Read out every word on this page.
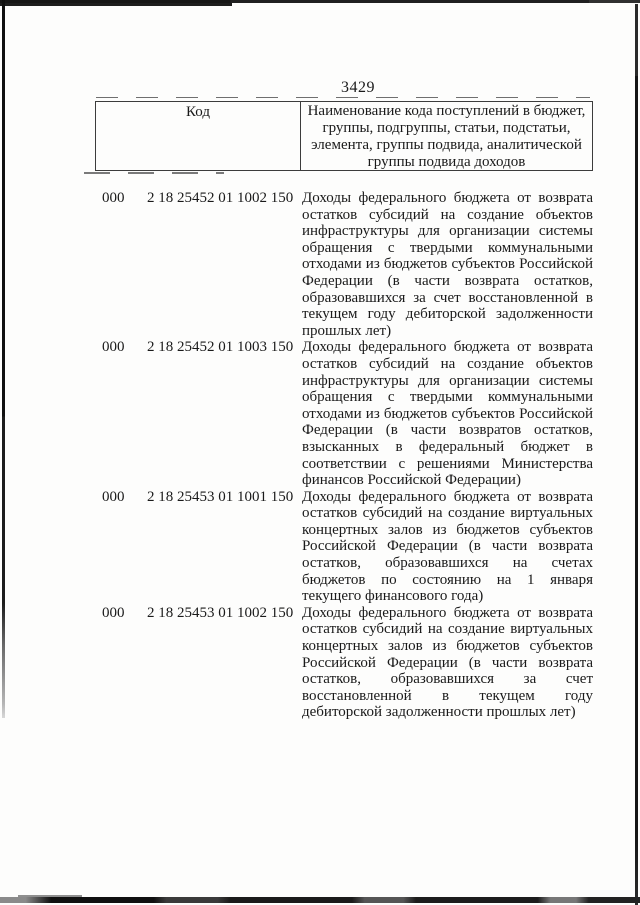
3429
Код	Наименование кода поступлений в бюджет, группы, подгруппы, статьи, подстатьи, элемента, группы подвида, аналитической группы подвида доходов
000	2 18 25452 01 1002 150 Доходы федерального бюджета от возврата остатков субсидий на создание объектов инфраструктуры для организации системы обращения с твердыми коммунальными отходами из бюджетов субъектов Российской Федерации (в части возврата остатков, образовавшихся за счет восстановленной в текущем году дебиторской задолженности прошлых лет)
000	2 18 25452 01 1003 150 Доходы федерального бюджета от возврата остатков субсидий на создание объектов инфраструктуры для организации системы обращения с твердыми коммунальными отходами из бюджетов субъектов Российской Федерации (в части возвратов остатков, взысканных в федеральный бюджет в соответствии с решениями Министерства финансов Российской Федерации)
000	2 18 25453 01 1001 150 Доходы федерального бюджета от возврата остатков субсидий на создание виртуальных концертных залов из бюджетов субъектов Российской Федерации (в части возврата остатков, образовавшихся на счетах бюджетов по состоянию на 1 января текущего финансового года)
000	2 18 25453 01 1002 150 Доходы федерального бюджета от возврата остатков субсидий на создание виртуальных концертных залов из бюджетов субъектов Российской Федерации (в части возврата остатков, образовавшихся за счет восстановленной в текущем году дебиторской задолженности прошлых лет)
